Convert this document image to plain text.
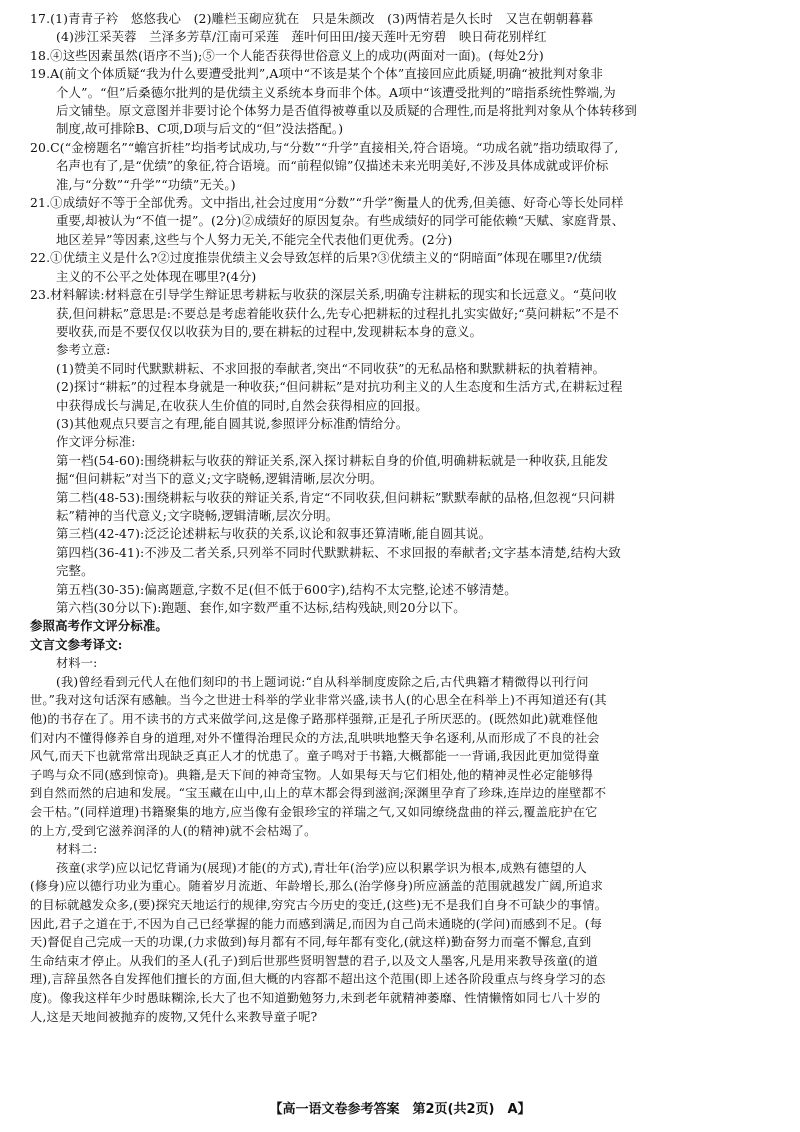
17.(1)青青子衿　悠悠我心　(2)雕栏玉砌应犹在　只是朱颜改　(3)两情若是久长时　又岂在朝朝暮暮
(4)涉江采芙蓉　兰泽多芳草/江南可采莲　莲叶何田田/接天莲叶无穷碧　映日荷花别样红
18.④这些因素虽然(语序不当);⑤一个人能否获得世俗意义上的成功(两面对一面)。(每处2分)
19.A(前文个体质疑“我为什么要遭受批判”,A项中“不该是某个个体”直接回应此质疑,明确“被批判对象非
个人”。“但”后桑德尔批判的是优绩主义系统本身而非个体。A项中“该遭受批判的”暗指系统性弊端,为
后文铺垫。原文意图并非要讨论个体努力是否值得被尊重以及质疑的合理性,而是将批判对象从个体转移到
制度,故可排除B、C项,D项与后文的“但”没法搭配。)
20.C(“金榜题名”“蟾宫折桂”均指考试成功,与“分数”“升学”直接相关,符合语境。“功成名就”指功绩取得了,
名声也有了,是“优绩”的象征,符合语境。而“前程似锦”仅描述未来光明美好,不涉及具体成就或评价标
准,与“分数”“升学”“功绩”无关。)
21.①成绩好不等于全部优秀。文中指出,社会过度用“分数”“升学”衡量人的优秀,但美德、好奇心等长处同样
重要,却被认为“不值一提”。(2分)②成绩好的原因复杂。有些成绩好的同学可能依赖“天赋、家庭背景、
地区差异”等因素,这些与个人努力无关,不能完全代表他们更优秀。(2分)
22.①优绩主义是什么?②过度推崇优绩主义会导致怎样的后果?③优绩主义的“阴暗面”体现在哪里?/优绩
主义的不公平之处体现在哪里?(4分)
23.材料解读:材料意在引导学生辩证思考耕耘与收获的深层关系,明确专注耕耘的现实和长远意义。“莫问收
获,但问耕耘”意思是:不要总是考虑着能收获什么,先专心把耕耘的过程扎扎实实做好;“莫问耕耘”不是不
要收获,而是不要仅仅以收获为目的,要在耕耘的过程中,发现耕耘本身的意义。
参考立意:
(1)赞美不同时代默默耕耘、不求回报的奉献者,突出“不同收获”的无私品格和默默耕耘的执着精神。
(2)探讨“耕耘”的过程本身就是一种收获;“但问耕耘”是对抗功利主义的人生态度和生活方式,在耕耘过程
中获得成长与满足,在收获人生价值的同时,自然会获得相应的回报。
(3)其他观点只要言之有理,能自圆其说,参照评分标准酌情给分。
作文评分标准:
第一档(54-60):围绕耕耘与收获的辩证关系,深入探讨耕耘自身的价值,明确耕耘就是一种收获,且能发
掘“但问耕耘”对当下的意义;文字晓畅,逻辑清晰,层次分明。
第二档(48-53):围绕耕耘与收获的辩证关系,肯定“不同收获,但问耕耘”默默奉献的品格,但忽视“只问耕
耘”精神的当代意义;文字晓畅,逻辑清晰,层次分明。
第三档(42-47):泛泛论述耕耘与收获的关系,议论和叙事还算清晰,能自圆其说。
第四档(36-41):不涉及二者关系,只列举不同时代默默耕耘、不求回报的奉献者;文字基本清楚,结构大致
完整。
第五档(30-35):偏离题意,字数不足(但不低于600字),结构不太完整,论述不够清楚。
第六档(30分以下):跑题、套作,如字数严重不达标,结构残缺,则20分以下。
参照高考作文评分标准。
文言文参考译文:
材料一:
(我)曾经看到元代人在他们刻印的书上题词说:“自从科举制度废除之后,古代典籍才精微得以刊行问
世。”我对这句话深有感触。当今之世进士科举的学业非常兴盛,读书人(的心思全在科举上)不再知道还有(其
他)的书存在了。用不读书的方式来做学问,这是像子路那样强辩,正是孔子所厌恶的。(既然如此)就难怪他
们对内不懂得修养自身的道理,对外不懂得治理民众的方法,乱哄哄地整天争名逐利,从而形成了不良的社会
风气,而天下也就常常出现缺乏真正人才的忧患了。童子鸣对于书籍,大概都能一一背诵,我因此更加觉得童
子鸣与众不同(感到惊奇)。典籍,是天下间的神奇宝物。人如果每天与它们相处,他的精神灵性必定能够得
到自然而然的启迪和发展。“宝玉藏在山中,山上的草木都会得到滋润;深渊里孕育了珍珠,连岸边的崖壁都不
会干枯。”(同样道理)书籍聚集的地方,应当像有金银珍宝的祥瑞之气,又如同缭绕盘曲的祥云,覆盖庇护在它
的上方,受到它滋养润泽的人(的精神)就不会枯竭了。
材料二:
孩童(求学)应以记忆背诵为(展现)才能(的方式),青壮年(治学)应以积累学识为根本,成熟有德望的人
(修身)应以德行功业为重心。随着岁月流逝、年龄增长,那么(治学修身)所应涵盖的范围就越发广阔,所追求
的目标就越发众多,(要)探究天地运行的规律,穷究古今历史的变迁,(这些)无不是我们自身不可缺少的事情。
因此,君子之道在于,不因为自己已经掌握的能力而感到满足,而因为自己尚未通晓的(学问)而感到不足。(每
天)督促自己完成一天的功课,(力求做到)每月都有不同,每年都有变化,(就这样)勤奋努力而毫不懈怠,直到
生命结束才停止。从我们的圣人(孔子)到后世那些贤明智慧的君子,以及文人墨客,凡是用来教导孩童(的道
理),言辞虽然各自发挥他们擅长的方面,但大概的内容都不超出这个范围(即上述各阶段重点与终身学习的态
度)。像我这样年少时愚昧糊涂,长大了也不知道勤勉努力,未到老年就精神萎靡、性情懒惰如同七八十岁的
人,这是天地间被抛弃的废物,又凭什么来教导童子呢?
【高一语文卷参考答案　第2页(共2页)　A】
